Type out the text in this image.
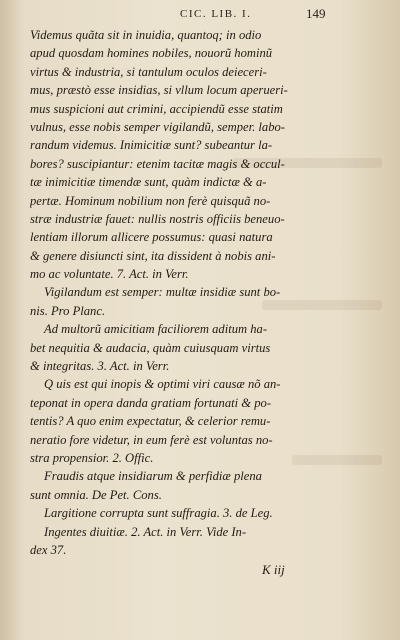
CIC. LIB. I.	149
Videmus quãta sit in inuidia, quantoq; in odio
apud quosdam homines nobiles, nouorũ hominũ
virtus & industria, si tantulum oculos deieceri-
mus, præstò esse insidias, si vllum locum aperueri-
mus suspicioni aut crimini, accipiendũ esse statim
vulnus, esse nobis semper vigilandũ, semper. labo-
randum videmus. Inimicitiæ sunt? subeantur la-
bores? suscipiantur: etenim tacitæ magis & occul-
tæ inimicitiæ timendæ sunt, quàm indictæ & a-
pertæ. Hominum nobilium non ferè quisquã no-
stræ industriæ fauet: nullis nostris officiis beneuo-
lentiam illorum allicere possumus: quasi natura
& genere disiuncti sint, ita dissident à nobis ani-
mo ac voluntate. 7. Act. in Verr.
Vigilandum est semper: multæ insidiæ sunt bo-
nis. Pro Planc.
Ad multorũ amicitiam faciliorem aditum ha-
bet nequitia & audacia, quàm cuiusquam virtus
& integritas. 3. Act. in Verr.
Q uis est qui inopis & optimi viri causæ nõ an-
teponat in opera danda gratiam fortunati & po-
tentis? A quo enim expectatur, & celerior remu-
neratio fore videtur, in eum ferè est voluntas no-
stra propensior. 2. Offic.
Fraudis atque insidiarum & perfidiæ plena
sunt omnia. De Pet. Cons.
Largitione corrupta sunt suffragia. 3. de Leg.
Ingentes diuitiæ. 2. Act. in Verr. Vide In-
dex 37.
K iij
